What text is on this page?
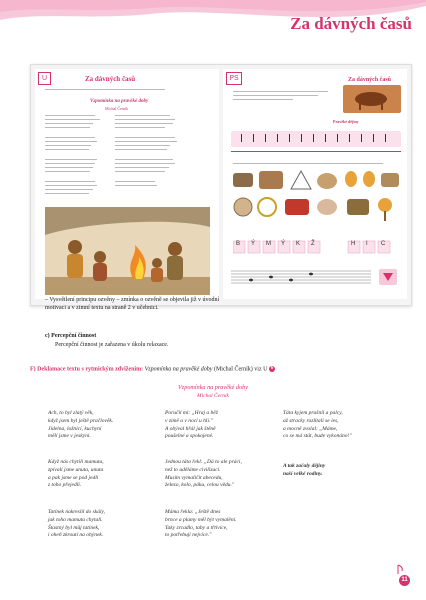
Za dávných časů
U	Za dávných časů
Vzpomínka na pravěké doby
Michal Černík
PS	Za dávných časů
Pravěké dějiny
B Ý M Ý K Ž	H I C
– Vysvětlení principu ozvěny – zmínka o ozvěně se objevila již v úvodní motivaci a v zimní textu na straně 2 v učebnici.
c) Percepční činnost
Percepční činnost je zařazena v úkolu relaxace.
F) Deklamace textu s rytmickým zdvižením: Vzpomínka na pravěké doby (Michal Černík) viz U 6
Vzpomínka na pravěké doby
Michal Černík
Ach, to byl zlatý věk,
když jsem byl ještě pračlověk.
Jídelna, ložnicí, kuchyní
měli jsme v jeskyni.
Když nás chytili mamuta,
zpívali jsme unuta, unuta
a pak jsme se pod jedli
z toho přejedli.
Tatínek nakreslil do skály,
jak toho mamuta chytali.
Štastný byl můj tatínek,
i oheň zkroutí na ohýnek.
Poručil mi: „Hraj a běž
v zimě a v noci u hlí."
A obýval hřál jak štěně
poušelné a spokojené.
Jednou táta řekl: „Dá to ale práci,
než to uděláme civilizaci.
Musím vymaličit abecedu,
železo, kolo, páku, celou vědu."
Máma řekla: „Ještě dnes
brnce a plamy měl být vymalění.
Taky zrcadlo, taby a třtivíce,
to potřebují nejvíce."
Táta kyjem prašnil a palcy,
až stracky rozlítali se ies,
a mocně zvolal: „Máme,
co se má stát, bude vykonáno!"
A tak začaly dějiny
naší velké rodiny.
11
